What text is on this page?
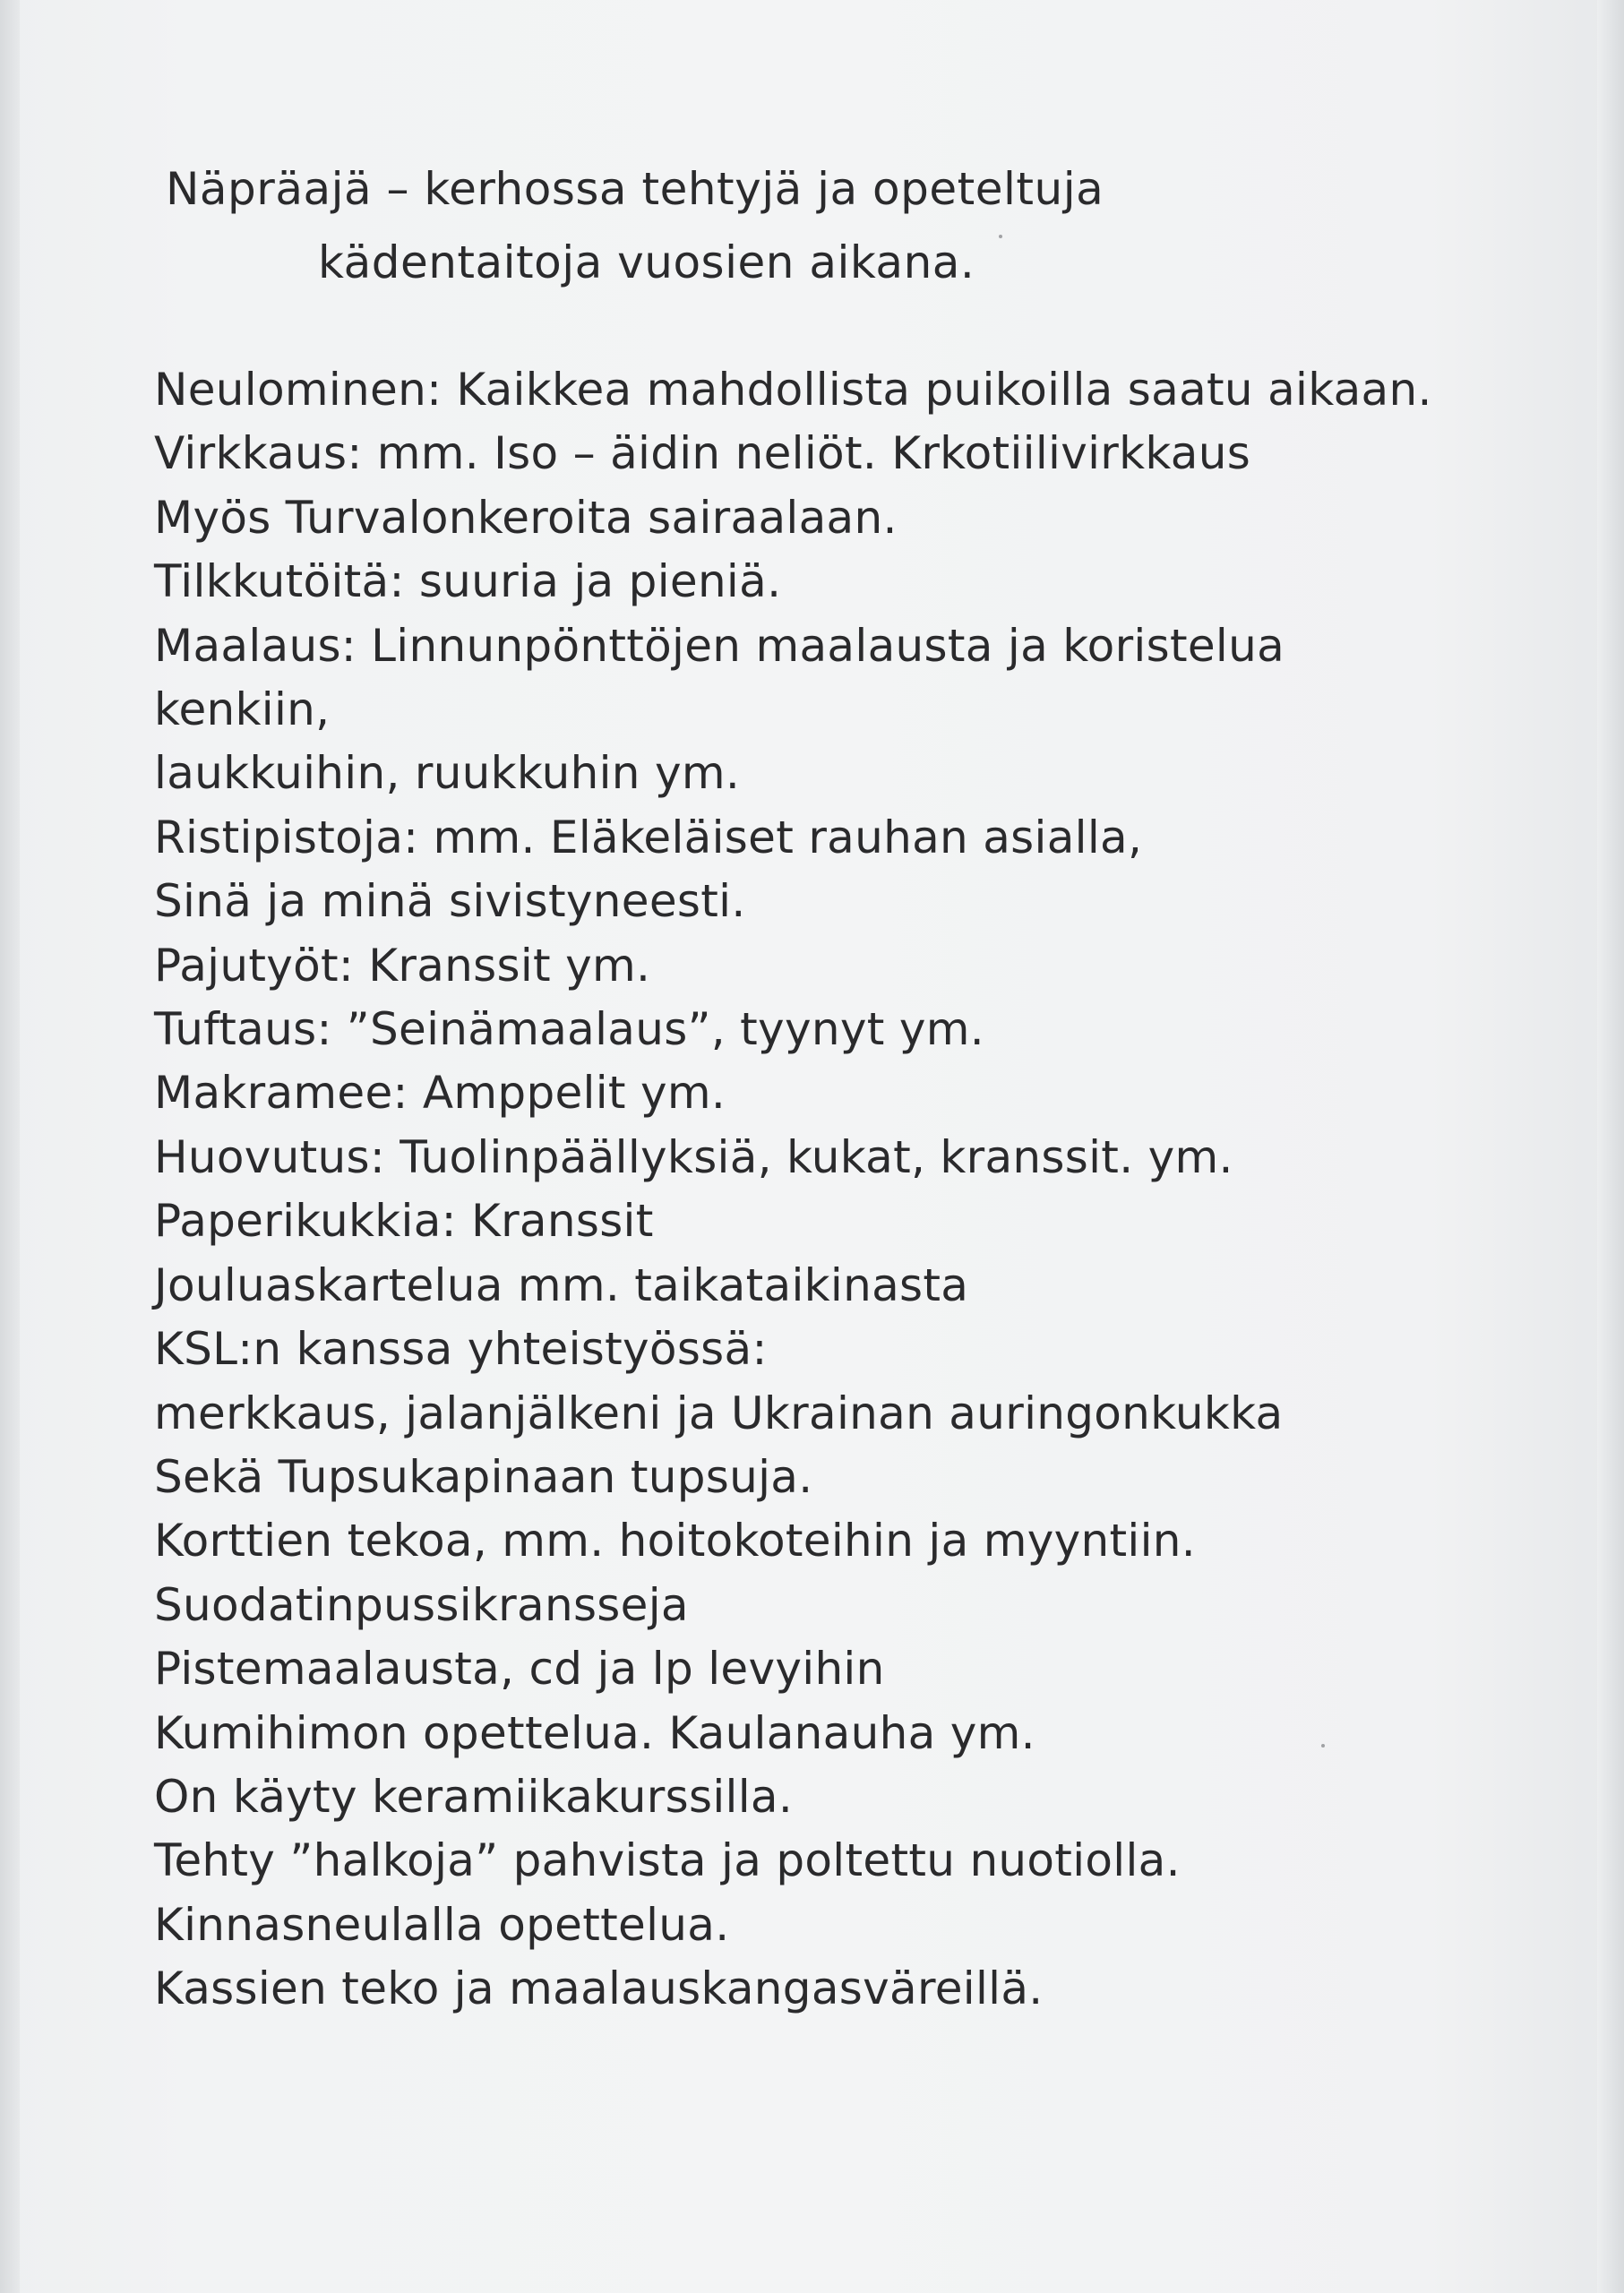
Näpräajä – kerhossa tehtyjä ja opeteltuja
kädentaitoja vuosien aikana.
Neulominen: Kaikkea mahdollista puikoilla saatu aikaan.
Virkkaus: mm. Iso – äidin neliöt. Krkotiilivirkkaus
Myös Turvalonkeroita sairaalaan.
Tilkkutöitä: suuria ja pieniä.
Maalaus: Linnunpönttöjen maalausta ja koristelua
kenkiin,
laukkuihin, ruukkuhin ym.
Ristipistoja: mm. Eläkeläiset rauhan asialla,
Sinä ja minä sivistyneesti.
Pajutyöt: Kranssit ym.
Tuftaus: ”Seinämaalaus”, tyynyt ym.
Makramee: Amppelit ym.
Huovutus: Tuolinpäällyksiä, kukat, kranssit. ym.
Paperikukkia: Kranssit
Jouluaskartelua mm. taikataikinasta
KSL:n kanssa yhteistyössä:
merkkaus, jalanjälkeni ja Ukrainan auringonkukka
Sekä Tupsukapinaan tupsuja.
Korttien tekoa, mm. hoitokoteihin ja myyntiin.
Suodatinpussikransseja
Pistemaalausta, cd ja lp levyihin
Kumihimon opettelua. Kaulanauha ym.
On käyty keramiikakurssilla.
Tehty ”halkoja” pahvista ja poltettu nuotiolla.
Kinnasneulalla opettelua.
Kassien teko ja maalauskangasväreillä.
